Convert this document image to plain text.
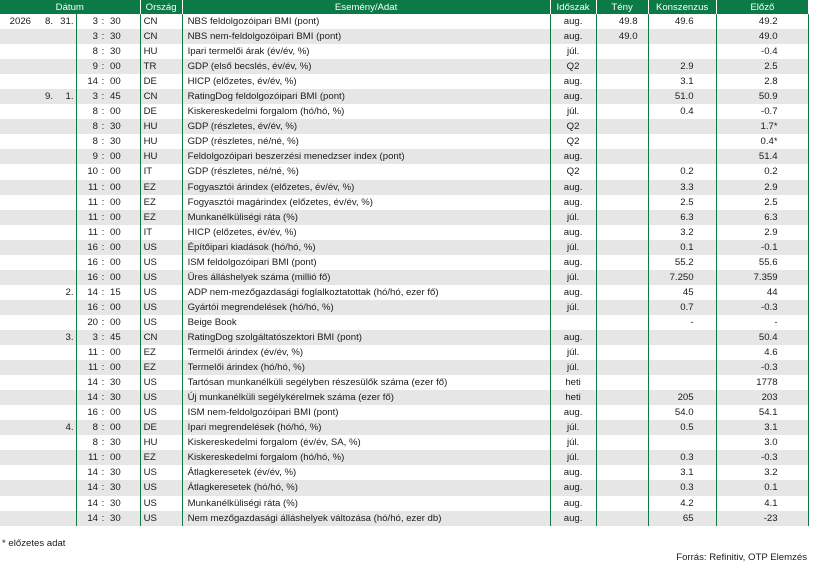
Dátum						Ország	Esemény/Adat	Időszak	Tény	Konszenzus	Előző
2026	8.	31.	3	:	30	CN	NBS feldolgozóipari BMI (pont)	aug.	49.8	49.6	49.2
			3	:	30	CN	NBS nem-feldolgozóipari BMI (pont)	aug.	49.0		49.0
			8	:	30	HU	Ipari termelői árak (év/év, %)	júl.			-0.4
			9	:	00	TR	GDP (első becslés, év/év, %)	Q2		2.9	2.5
			14	:	00	DE	HICP (előzetes, év/év, %)	aug.		3.1	2.8
	9.	1.	3	:	45	CN	RatingDog feldolgozóipari BMI (pont)	aug.		51.0	50.9
			8	:	00	DE	Kiskereskedelmi forgalom (hó/hó, %)	júl.		0.4	-0.7
			8	:	30	HU	GDP (részletes, év/év, %)	Q2			1.7*
			8	:	30	HU	GDP (részletes, né/né, %)	Q2			0.4*
			9	:	00	HU	Feldolgozóipari beszerzési menedzser index (pont)	aug.			51.4
			10	:	00	IT	GDP (részletes, né/né, %)	Q2		0.2	0.2
			11	:	00	EZ	Fogyasztói árindex (előzetes, év/év, %)	aug.		3.3	2.9
			11	:	00	EZ	Fogyasztói magárindex (előzetes, év/év, %)	aug.		2.5	2.5
			11	:	00	EZ	Munkanélküliségi ráta (%)	júl.		6.3	6.3
			11	:	00	IT	HICP (előzetes, év/év, %)	aug.		3.2	2.9
			16	:	00	US	Építőipari kiadások (hó/hó, %)	júl.		0.1	-0.1
			16	:	00	US	ISM feldolgozóipari BMI (pont)	aug.		55.2	55.6
			16	:	00	US	Üres álláshelyek száma (millió fő)	júl.		7.250	7.359
		2.	14	:	15	US	ADP nem-mezőgazdasági foglalkoztatottak (hó/hó, ezer fő)	aug.		45	44
			16	:	00	US	Gyártói megrendelések (hó/hó, %)	júl.		0.7	-0.3
			20	:	00	US	Beige Book			-	-
		3.	3	:	45	CN	RatingDog szolgáltatószektori BMI (pont)	aug.			50.4
			11	:	00	EZ	Termelői árindex (év/év, %)	júl.			4.6
			11	:	00	EZ	Termelői árindex (hó/hó, %)	júl.			-0.3
			14	:	30	US	Tartósan munkanélküli segélyben részesülők száma (ezer fő)	heti			1778
			14	:	30	US	Új munkanélküli segélykérelmek száma (ezer fő)	heti		205	203
			16	:	00	US	ISM nem-feldolgozóipari BMI (pont)	aug.		54.0	54.1
		4.	8	:	00	DE	Ipari megrendelések (hó/hó, %)	júl.		0.5	3.1
			8	:	30	HU	Kiskereskedelmi forgalom (év/év, SA, %)	júl.			3.0
			11	:	00	EZ	Kiskereskedelmi forgalom (hó/hó, %)	júl.		0.3	-0.3
			14	:	30	US	Átlagkeresetek (év/év, %)	aug.		3.1	3.2
			14	:	30	US	Átlagkeresetek (hó/hó, %)	aug.		0.3	0.1
			14	:	30	US	Munkanélküliségi ráta (%)	aug.		4.2	4.1
			14	:	30	US	Nem mezőgazdasági álláshelyek változása (hó/hó, ezer db)	aug.		65	-23
* előzetes adat
Forrás: Refinitiv, OTP Elemzés
